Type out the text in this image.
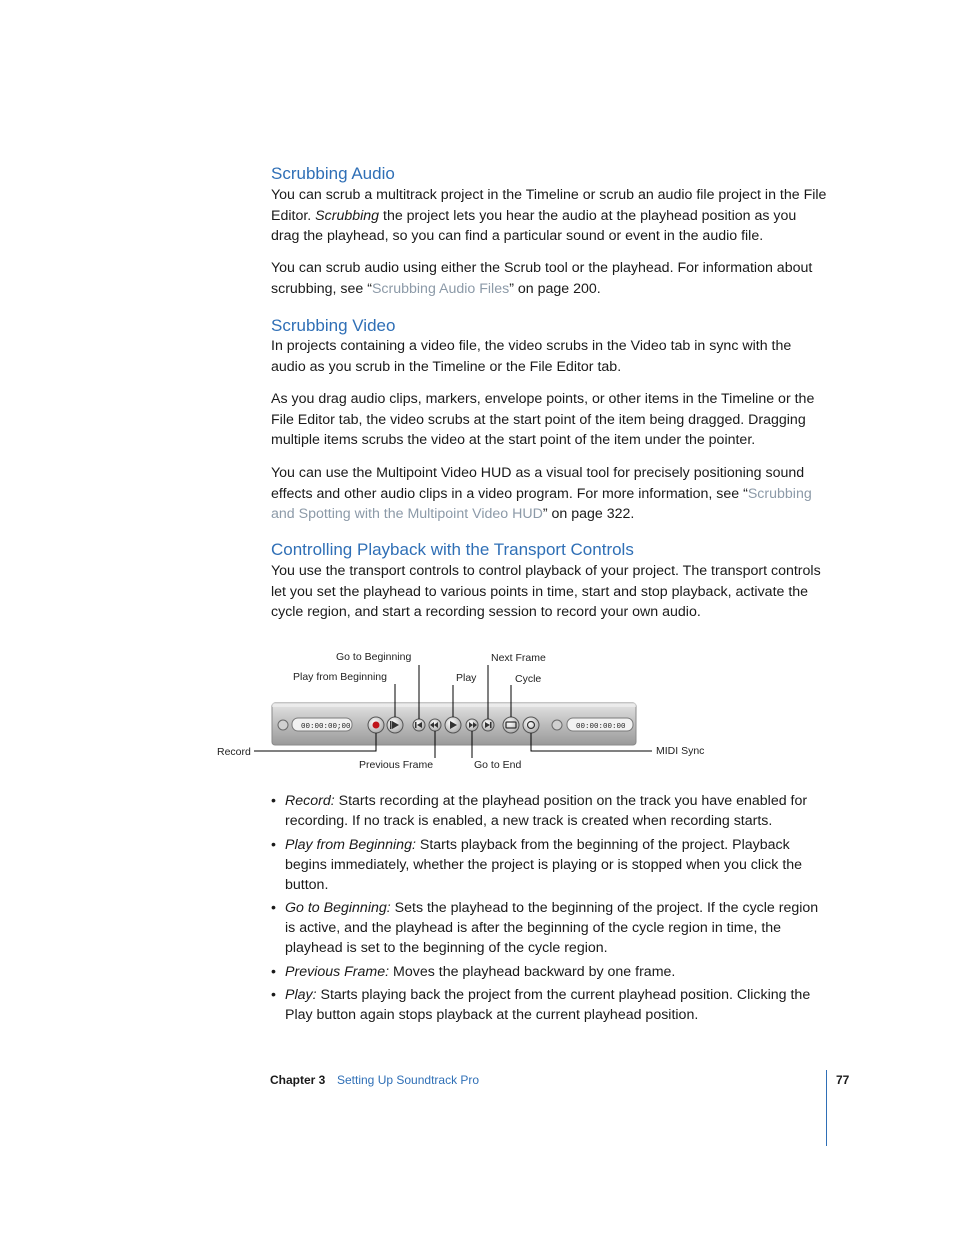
Scrubbing Audio

You can scrub a multitrack project in the Timeline or scrub an audio file project in the File Editor. Scrubbing the project lets you hear the audio at the playhead position as you drag the playhead, so you can find a particular sound or event in the audio file.

You can scrub audio using either the Scrub tool or the playhead. For information about scrubbing, see “Scrubbing Audio Files” on page 200.

Scrubbing Video

In projects containing a video file, the video scrubs in the Video tab in sync with the audio as you scrub in the Timeline or the File Editor tab.

As you drag audio clips, markers, envelope points, or other items in the Timeline or the File Editor tab, the video scrubs at the start point of the item being dragged. Dragging multiple items scrubs the video at the start point of the item under the pointer.

You can use the Multipoint Video HUD as a visual tool for precisely positioning sound effects and other audio clips in a video program. For more information, see “Scrubbing and Spotting with the Multipoint Video HUD” on page 322.

Controlling Playback with the Transport Controls

You use the transport controls to control playback of your project. The transport controls let you set the playhead to various points in time, start and stop playback, activate the cycle region, and start a recording session to record your own audio.

Go to Beginning
Play from Beginning	Play
Next Frame
Cycle
Record
Previous Frame	Go to End
MIDI Sync
00:00:00;00	00:00:00:00
• Record: Starts recording at the playhead position on the track you have enabled for recording. If no track is enabled, a new track is created when recording starts.
• Play from Beginning: Starts playback from the beginning of the project. Playback begins immediately, whether the project is playing or is stopped when you click the button.
• Go to Beginning: Sets the playhead to the beginning of the project. If the cycle region is active, and the playhead is after the beginning of the cycle region in time, the playhead is set to the beginning of the cycle region.
• Previous Frame: Moves the playhead backward by one frame.
• Play: Starts playing back the project from the current playhead position. Clicking the Play button again stops playback at the current playhead position.
Chapter 3 Setting Up Soundtrack Pro	77
